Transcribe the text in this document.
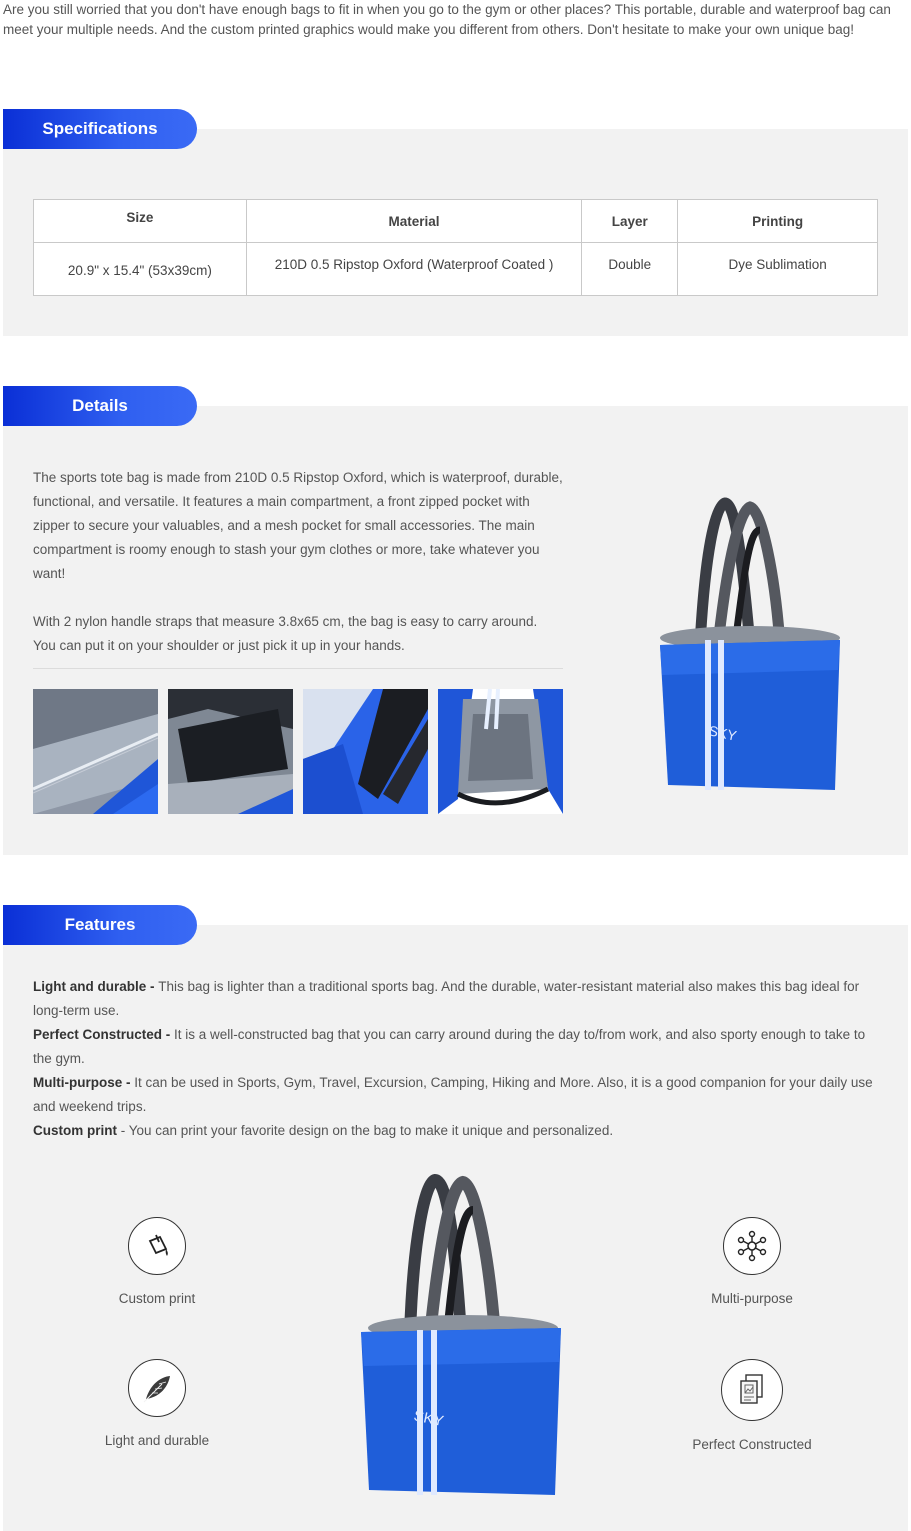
Are you still worried that you don't have enough bags to fit in when you go to the gym or other places? This portable, durable and waterproof bag can meet your multiple needs. And the custom printed graphics would make you different from others. Don't hesitate to make your own unique bag!

Specifications
Size	Material	Layer	Printing
20.9" x 15.4" (53x39cm)	210D 0.5 Ripstop Oxford (Waterproof Coated )	Double	Dye Sublimation
Details

The sports tote bag is made from 210D 0.5 Ripstop Oxford, which is waterproof, durable, functional, and versatile. It features a main compartment, a front zipped pocket with zipper to secure your valuables, and a mesh pocket for small accessories. The main compartment is roomy enough to stash your gym clothes or more, take whatever you want!

With 2 nylon handle straps that measure 3.8x65 cm, the bag is easy to carry around. You can put it on your shoulder or just pick it up in your hands.

SKY
Features

Light and durable - This bag is lighter than a traditional sports bag. And the durable, water-resistant material also makes this bag ideal for long-term use.

Perfect Constructed - It is a well-constructed bag that you can carry around during the day to/from work, and also sporty enough to take to the gym.

Multi-purpose - It can be used in Sports, Gym, Travel, Excursion, Camping, Hiking and More. Also, it is a good companion for your daily use and weekend trips.

Custom print - You can print your favorite design on the bag to make it unique and personalized.

Custom print	Multi-purpose
Light and durable	Perfect Constructed
SKY
